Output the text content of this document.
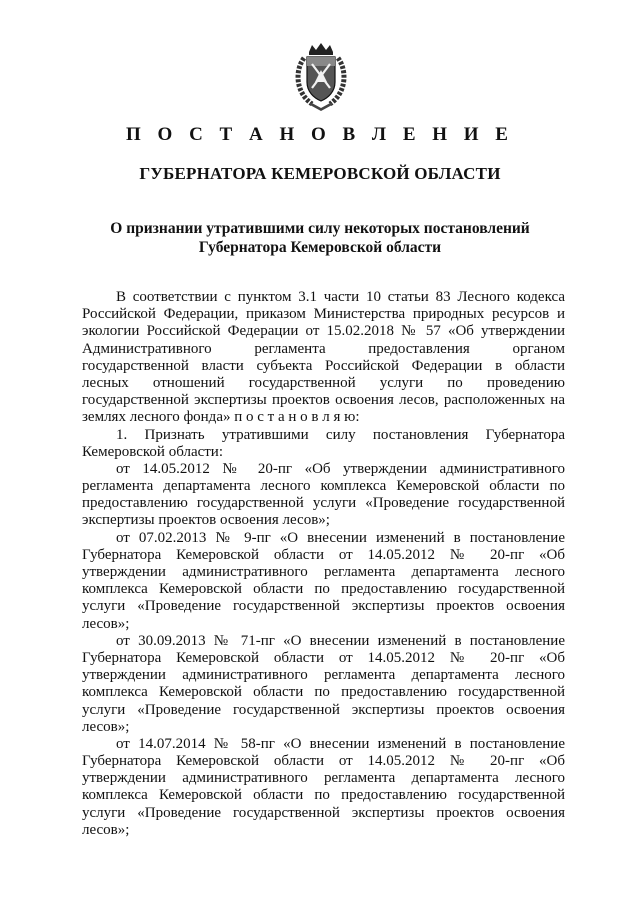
П О С Т А Н О В Л Е Н И Е
ГУБЕРНАТОРА КЕМЕРОВСКОЙ ОБЛАСТИ
О признании утратившими силу некоторых постановлений
Губернатора Кемеровской области
В соответствии с пунктом 3.1 части 10 статьи 83 Лесного кодекса
Российской Федерации, приказом Министерства природных ресурсов и
экологии Российской Федерации от 15.02.2018 № 57 «Об утверждении
Административного регламента предоставления органом
государственной власти субъекта Российской Федерации в области
лесных отношений государственной услуги по проведению
государственной экспертизы проектов освоения лесов, расположенных на
землях лесного фонда» п о с т а н о в л я ю:
1. Признать утратившими силу постановления Губернатора
Кемеровской области:
от 14.05.2012 № 20-пг «Об утверждении административного
регламента департамента лесного комплекса Кемеровской области по
предоставлению государственной услуги «Проведение государственной
экспертизы проектов освоения лесов»;
от 07.02.2013 № 9-пг «О внесении изменений в постановление
Губернатора Кемеровской области от 14.05.2012 № 20-пг «Об
утверждении административного регламента департамента лесного
комплекса Кемеровской области по предоставлению государственной
услуги «Проведение государственной экспертизы проектов освоения
лесов»;
от 30.09.2013 № 71-пг «О внесении изменений в постановление
Губернатора Кемеровской области от 14.05.2012 № 20-пг «Об
утверждении административного регламента департамента лесного
комплекса Кемеровской области по предоставлению государственной
услуги «Проведение государственной экспертизы проектов освоения
лесов»;
от 14.07.2014 № 58-пг «О внесении изменений в постановление
Губернатора Кемеровской области от 14.05.2012 № 20-пг «Об
утверждении административного регламента департамента лесного
комплекса Кемеровской области по предоставлению государственной
услуги «Проведение государственной экспертизы проектов освоения
лесов»;
